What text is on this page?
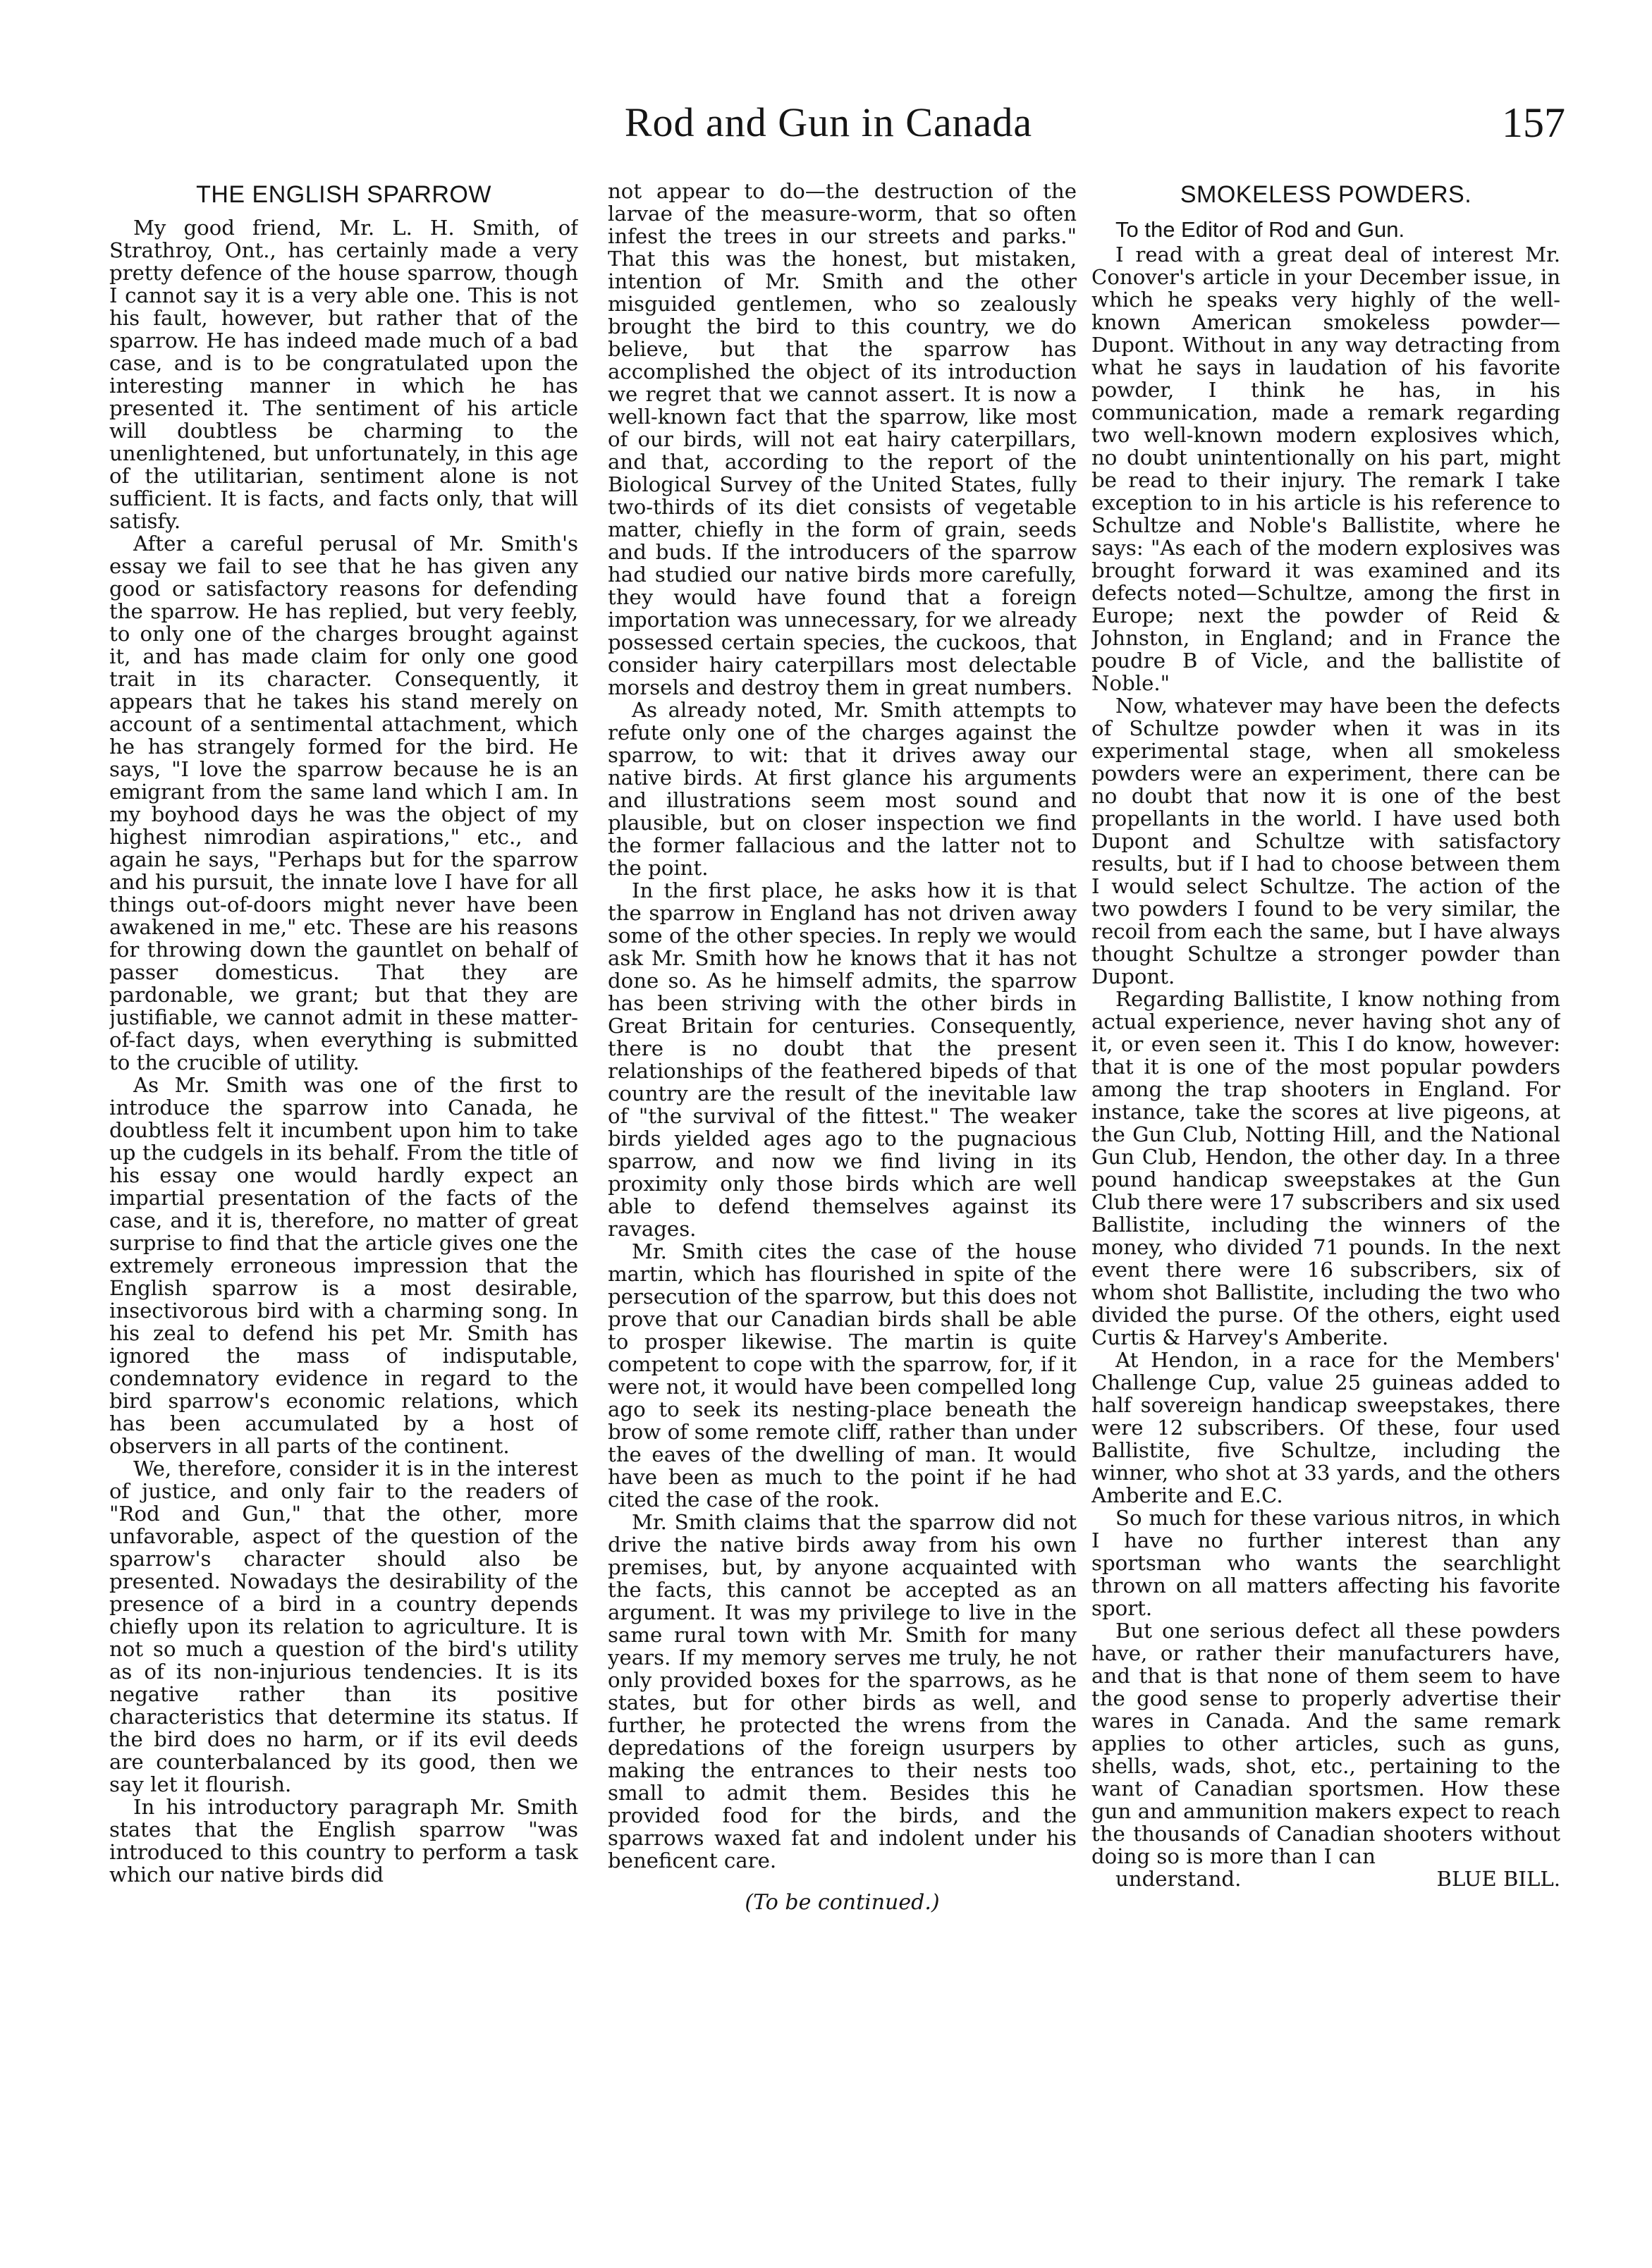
Rod and Gun in Canada	157
THE ENGLISH SPARROW

My good friend, Mr. L. H. Smith, of Strathroy, Ont., has certainly made a very pretty defence of the house sparrow, though I cannot say it is a very able one. This is not his fault, however, but rather that of the sparrow. He has indeed made much of a bad case, and is to be congratulated upon the interesting manner in which he has presented it. The sentiment of his article will doubtless be charming to the unenlightened, but unfortunately, in this age of the utilitarian, sentiment alone is not sufficient. It is facts, and facts only, that will satisfy.

After a careful perusal of Mr. Smith's essay we fail to see that he has given any good or satisfactory reasons for defending the sparrow. He has replied, but very feebly, to only one of the charges brought against it, and has made claim for only one good trait in its character. Consequently, it appears that he takes his stand merely on account of a sentimental attachment, which he has strangely formed for the bird. He says, "I love the sparrow because he is an emigrant from the same land which I am. In my boyhood days he was the object of my highest nimrodian aspirations," etc., and again he says, "Perhaps but for the sparrow and his pursuit, the innate love I have for all things out-of-doors might never have been awakened in me," etc. These are his reasons for throwing down the gauntlet on behalf of passer domesticus. That they are pardonable, we grant; but that they are justifiable, we cannot admit in these matter-of-fact days, when everything is submitted to the crucible of utility.

As Mr. Smith was one of the first to introduce the sparrow into Canada, he doubtless felt it incumbent upon him to take up the cudgels in its behalf. From the title of his essay one would hardly expect an impartial presentation of the facts of the case, and it is, therefore, no matter of great surprise to find that the article gives one the extremely erroneous impression that the English sparrow is a most desirable, insectivorous bird with a charming song. In his zeal to defend his pet Mr. Smith has ignored the mass of indisputable, condemnatory evidence in regard to the bird sparrow's economic relations, which has been accumulated by a host of observers in all parts of the continent.

We, therefore, consider it is in the interest of justice, and only fair to the readers of "Rod and Gun," that the other, more unfavorable, aspect of the question of the sparrow's character should also be presented. Nowadays the desirability of the presence of a bird in a country depends chiefly upon its relation to agriculture. It is not so much a question of the bird's utility as of its non-injurious tendencies. It is its negative rather than its positive characteristics that determine its status. If the bird does no harm, or if its evil deeds are counterbalanced by its good, then we say let it flourish.

In his introductory paragraph Mr. Smith states that the English sparrow "was introduced to this country to perform a task which our native birds did

not appear to do—the destruction of the larvae of the measure-worm, that so often infest the trees in our streets and parks." That this was the honest, but mistaken, intention of Mr. Smith and the other misguided gentlemen, who so zealously brought the bird to this country, we do believe, but that the sparrow has accomplished the object of its introduction we regret that we cannot assert. It is now a well-known fact that the sparrow, like most of our birds, will not eat hairy caterpillars, and that, according to the report of the Biological Survey of the United States, fully two-thirds of its diet consists of vegetable matter, chiefly in the form of grain, seeds and buds. If the introducers of the sparrow had studied our native birds more carefully, they would have found that a foreign importation was unnecessary, for we already possessed certain species, the cuckoos, that consider hairy caterpillars most delectable morsels and destroy them in great numbers.

As already noted, Mr. Smith attempts to refute only one of the charges against the sparrow, to wit: that it drives away our native birds. At first glance his arguments and illustrations seem most sound and plausible, but on closer inspection we find the former fallacious and the latter not to the point.

In the first place, he asks how it is that the sparrow in England has not driven away some of the other species. In reply we would ask Mr. Smith how he knows that it has not done so. As he himself admits, the sparrow has been striving with the other birds in Great Britain for centuries. Consequently, there is no doubt that the present relationships of the feathered bipeds of that country are the result of the inevitable law of "the survival of the fittest." The weaker birds yielded ages ago to the pugnacious sparrow, and now we find living in its proximity only those birds which are well able to defend themselves against its ravages.

Mr. Smith cites the case of the house martin, which has flourished in spite of the persecution of the sparrow, but this does not prove that our Canadian birds shall be able to prosper likewise. The martin is quite competent to cope with the sparrow, for, if it were not, it would have been compelled long ago to seek its nesting-place beneath the brow of some remote cliff, rather than under the eaves of the dwelling of man. It would have been as much to the point if he had cited the case of the rook.

Mr. Smith claims that the sparrow did not drive the native birds away from his own premises, but, by anyone acquainted with the facts, this cannot be accepted as an argument. It was my privilege to live in the same rural town with Mr. Smith for many years. If my memory serves me truly, he not only provided boxes for the sparrows, as he states, but for other birds as well, and further, he protected the wrens from the depredations of the foreign usurpers by making the entrances to their nests too small to admit them. Besides this he provided food for the birds, and the sparrows waxed fat and indolent under his beneficent care.

(To be continued.)
SMOKELESS POWDERS.

To the Editor of Rod and Gun.

I read with a great deal of interest Mr. Conover's article in your December issue, in which he speaks very highly of the well-known American smokeless powder—Dupont. Without in any way detracting from what he says in laudation of his favorite powder, I think he has, in his communication, made a remark regarding two well-known modern explosives which, no doubt unintentionally on his part, might be read to their injury. The remark I take exception to in his article is his reference to Schultze and Noble's Ballistite, where he says: "As each of the modern explosives was brought forward it was examined and its defects noted—Schultze, among the first in Europe; next the powder of Reid & Johnston, in England; and in France the poudre B of Vicle, and the ballistite of Noble."

Now, whatever may have been the defects of Schultze powder when it was in its experimental stage, when all smokeless powders were an experiment, there can be no doubt that now it is one of the best propellants in the world. I have used both Dupont and Schultze with satisfactory results, but if I had to choose between them I would select Schultze. The action of the two powders I found to be very similar, the recoil from each the same, but I have always thought Schultze a stronger powder than Dupont.

Regarding Ballistite, I know nothing from actual experience, never having shot any of it, or even seen it. This I do know, however: that it is one of the most popular powders among the trap shooters in England. For instance, take the scores at live pigeons, at the Gun Club, Notting Hill, and the National Gun Club, Hendon, the other day. In a three pound handicap sweepstakes at the Gun Club there were 17 subscribers and six used Ballistite, including the winners of the money, who divided 71 pounds. In the next event there were 16 subscribers, six of whom shot Ballistite, including the two who divided the purse. Of the others, eight used Curtis & Harvey's Amberite.

At Hendon, in a race for the Members' Challenge Cup, value 25 guineas added to half sovereign handicap sweepstakes, there were 12 subscribers. Of these, four used Ballistite, five Schultze, including the winner, who shot at 33 yards, and the others Amberite and E.C.

So much for these various nitros, in which I have no further interest than any sportsman who wants the searchlight thrown on all matters affecting his favorite sport.

But one serious defect all these powders have, or rather their manufacturers have, and that is that none of them seem to have the good sense to properly advertise their wares in Canada. And the same remark applies to other articles, such as guns, shells, wads, shot, etc., pertaining to the want of Canadian sportsmen. How these gun and ammunition makers expect to reach the thousands of Canadian shooters without doing so is more than I can

understand.	BLUE BILL.
